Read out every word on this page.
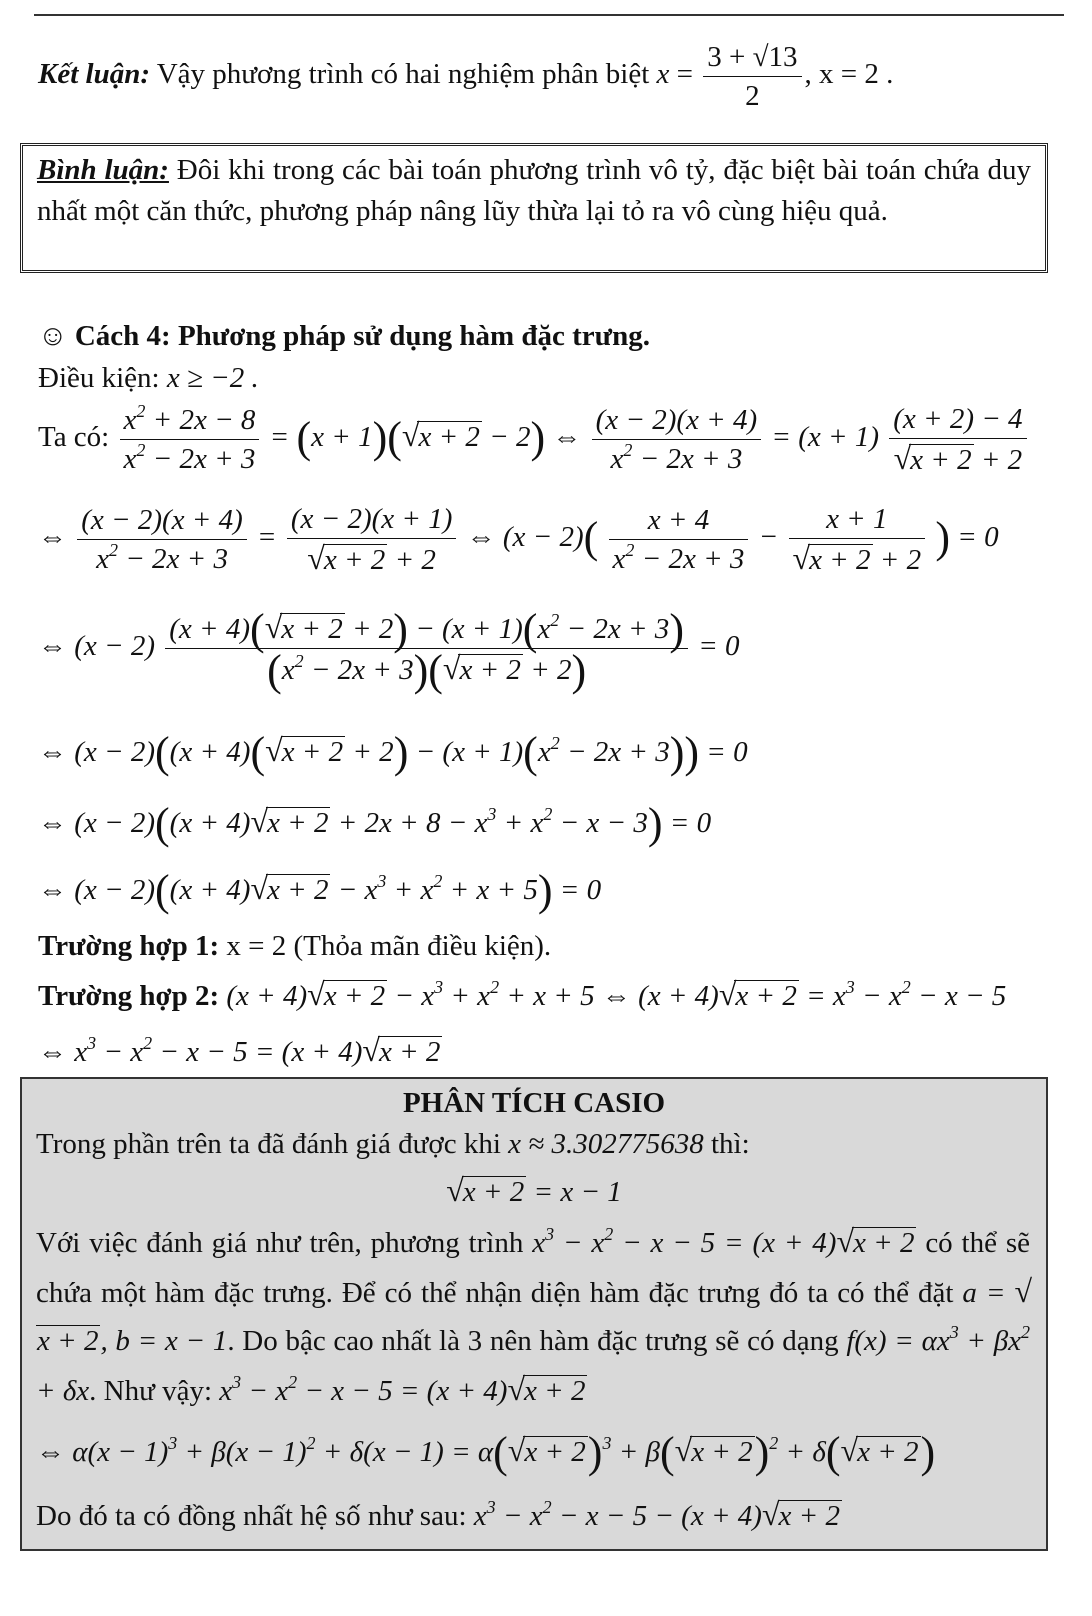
Kết luận: Vậy phương trình có hai nghiệm phân biệt $x = \frac{3 + √13}{2}$ , x = 2 .
Bình luận: Đôi khi trong các bài toán phương trình vô tỷ, đặc biệt bài toán chứa duy nhất một căn thức, phương pháp nâng lũy thừa lại tỏ ra vô cùng hiệu quả.
☺ Cách 4: Phương pháp sử dụng hàm đặc trưng.
Điều kiện: x ≥ −2 .
Ta có: $\frac{x^2 + 2x - 8}{x^2 - 2x + 3} = (x + 1)(√x + 2 - 2)$ ⇔ $\frac{(x - 2)(x + 4)}{x^2 - 2x + 3} = (x + 1) \frac{(x + 2) - 4}{√x + 2 + 2}$
⇔ $\frac{(x - 2)(x + 4)}{x^2 - 2x + 3} = \frac{(x - 2)(x + 1)}{√x + 2 + 2}$ ⇔ $(x - 2)( \frac{x + 4}{x^2 - 2x + 3} - \frac{x + 1}{√x + 2 + 2}$ ) = 0
⇔ $(x - 2) \frac{(x + 4)(√x + 2 + 2) - (x + 1)(x^2 - 2x + 3)}{(x^2 - 2x + 3)(√x + 2 + 2)} = 0$
⇔ $(x - 2)((x + 4)(√x + 2 + 2) - (x + 1)(x^2 - 2x + 3)) = 0$
⇔ $(x - 2)((x + 4)√x + 2 + 2x + 8 - x^3 + x^2 - x - 3) = 0$
⇔ $(x - 2)((x + 4)√x + 2 - x^3 + x^2 + x + 5) = 0$
Trường hợp 1: x = 2 (Thỏa mãn điều kiện).
Trường hợp 2: $(x + 4)√x + 2 - x^3 + x^2 + x + 5$ ⇔ $(x + 4)√x + 2 = x^3 - x^2 - x - 5$
⇔ $x^3 - x^2 - x - 5 = (x + 4)√x + 2$
PHÂN TÍCH CASIO
Trong phần trên ta đã đánh giá được khi x ≈ 3.302775638 thì:
√x + 2 = x − 1
Với việc đánh giá như trên, phương trình $x^3 - x^2 - x - 5 = (x + 4)√x + 2$ có thể sẽ chứa một hàm đặc trưng. Để có thể nhận diện hàm đặc trưng đó ta có thể đặt a = √x + 2, b = x − 1. Do bậc cao nhất là 3 nên hàm đặc trưng sẽ có dạng $f(x) = \alpha x^3 + \beta x^2 + \delta x$. Như vậy: $x^3 - x^2 - x - 5 = (x + 4)√x + 2$
⇔ $\alpha(x - 1)^3 + \beta(x - 1)^2 + \delta(x - 1) = \alpha(√x + 2)^3 + \beta(√x + 2)^2 + \delta(√x + 2)$
Do đó ta có đồng nhất hệ số như sau: $x^3 - x^2 - x - 5 - (x + 4)√x + 2$
